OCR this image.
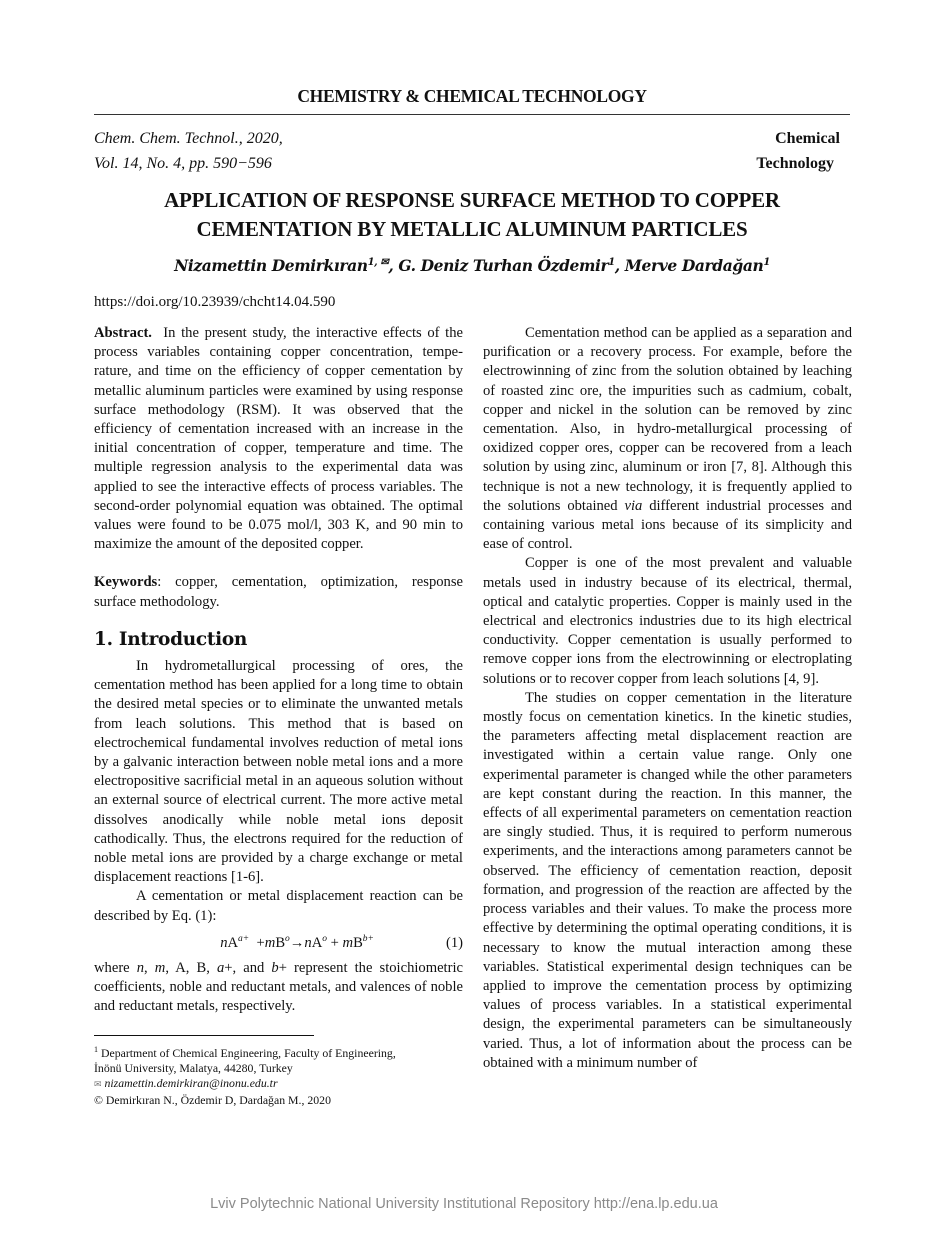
CHEMISTRY & CHEMICAL TECHNOLOGY
Chem. Chem. Technol., 2020,
Vol. 14, No. 4, pp. 590−596
Chemical
Technology
APPLICATION OF RESPONSE SURFACE METHOD TO COPPER
CEMENTATION BY METALLIC ALUMINUM PARTICLES
Nizamettin Demirkıran$^{1, ✉}$, G. Deniz Turhan Özdemir$^1$, Merve Dardağan$^1$
https://doi.org/10.23939/chcht14.04.590

Abstract. In the present study, the interactive effects of the process variables containing copper concentration, tempe-rature, and time on the efficiency of copper cementation by metallic aluminum particles were examined by using response surface methodology (RSM). It was observed that the efficiency of cementation increased with an increase in the initial concentration of copper, temperature and time. The multiple regression analysis to the experimental data was applied to see the interactive effects of process variables. The second-order polynomial equation was obtained. The optimal values were found to be 0.075 mol/l, 303 K, and 90 min to maximize the amount of the deposited copper.

Keywords: copper, cementation, optimization, response surface methodology.

1. Introduction

In hydrometallurgical processing of ores, the cementation method has been applied for a long time to obtain the desired metal species or to eliminate the unwanted metals from leach solutions. This method that is based on electrochemical fundamental involves reduction of metal ions by a galvanic interaction between noble metal ions and a more electropositive sacrificial metal in an aqueous solution without an external source of electrical current. The more active metal dissolves anodically while noble metal ions deposit cathodically. Thus, the electrons required for the reduction of noble metal ions are provided by a charge exchange or metal displacement reactions [1-6].

A cementation or metal displacement reaction can be described by Eq. (1):

$nA^{a+} +mB^o\to nA^o + mB^{b+}$	(1)

where n, m, A, B, a+, and b+ represent the stoichiometric coefficients, noble and reductant metals, and valences of noble and reductant metals, respectively.

$^1$ Department of Chemical Engineering, Faculty of Engineering,
İnönü University, Malatya, 44280, Turkey
✉ nizamettin.demirkiran@inonu.edu.tr
© Demirkıran N., Özdemir D, Dardağan M., 2020

Cementation method can be applied as a separation and purification or a recovery process. For example, before the electrowinning of zinc from the solution obtained by leaching of roasted zinc ore, the impurities such as cadmium, cobalt, copper and nickel in the solution can be removed by zinc cementation. Also, in hydro-metallurgical processing of oxidized copper ores, copper can be recovered from a leach solution by using zinc, aluminum or iron [7, 8]. Although this technique is not a new technology, it is frequently applied to the solutions obtained via different industrial processes and containing various metal ions because of its simplicity and ease of control.

Copper is one of the most prevalent and valuable metals used in industry because of its electrical, thermal, optical and catalytic properties. Copper is mainly used in the electrical and electronics industries due to its high electrical conductivity. Copper cementation is usually performed to remove copper ions from the electrowinning or electroplating solutions or to recover copper from leach solutions [4, 9].

The studies on copper cementation in the literature mostly focus on cementation kinetics. In the kinetic studies, the parameters affecting metal displacement reaction are investigated within a certain value range. Only one experimental parameter is changed while the other parameters are kept constant during the reaction. In this manner, the effects of all experimental parameters on cementation reaction are singly studied. Thus, it is required to perform numerous experiments, and the interactions among parameters cannot be observed. The efficiency of cementation reaction, deposit formation, and progression of the reaction are affected by the process variables and their values. To make the process more effective by determining the optimal operating conditions, it is necessary to know the mutual interaction among these variables. Statistical experimental design techniques can be applied to improve the cementation process by optimizing values of process variables. In a statistical experimental design, the experimental parameters can be simultaneously varied. Thus, a lot of information about the process can be obtained with a minimum number of

Lviv Polytechnic National University Institutional Repository http://ena.lp.edu.ua
